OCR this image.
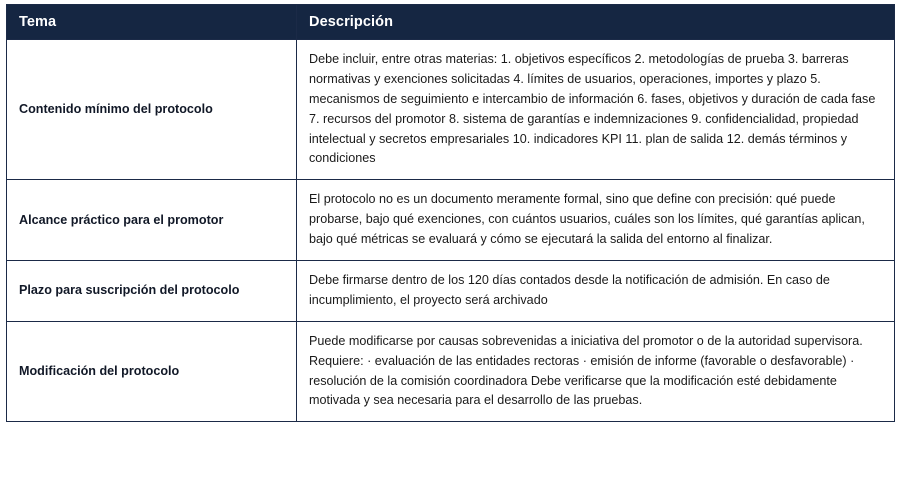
Tema	Descripción
Contenido mínimo del protocolo	Debe incluir, entre otras materias: 1. objetivos específicos 2. metodologías de prueba 3. barreras normativas y exenciones solicitadas 4. límites de usuarios, operaciones, importes y plazo 5. mecanismos de seguimiento e intercambio de información 6. fases, objetivos y duración de cada fase 7. recursos del promotor 8. sistema de garantías e indemnizaciones 9. confidencialidad, propiedad intelectual y secretos empresariales 10. indicadores KPI 11. plan de salida 12. demás términos y condiciones
Alcance práctico para el promotor	El protocolo no es un documento meramente formal, sino que define con precisión: qué puede probarse, bajo qué exenciones, con cuántos usuarios, cuáles son los límites, qué garantías aplican, bajo qué métricas se evaluará y cómo se ejecutará la salida del entorno al finalizar.
Plazo para suscripción del protocolo	Debe firmarse dentro de los 120 días contados desde la notificación de admisión. En caso de incumplimiento, el proyecto será archivado
Modificación del protocolo	Puede modificarse por causas sobrevenidas a iniciativa del promotor o de la autoridad supervisora. Requiere: · evaluación de las entidades rectoras · emisión de informe (favorable o desfavorable) · resolución de la comisión coordinadora Debe verificarse que la modificación esté debidamente motivada y sea necesaria para el desarrollo de las pruebas.
